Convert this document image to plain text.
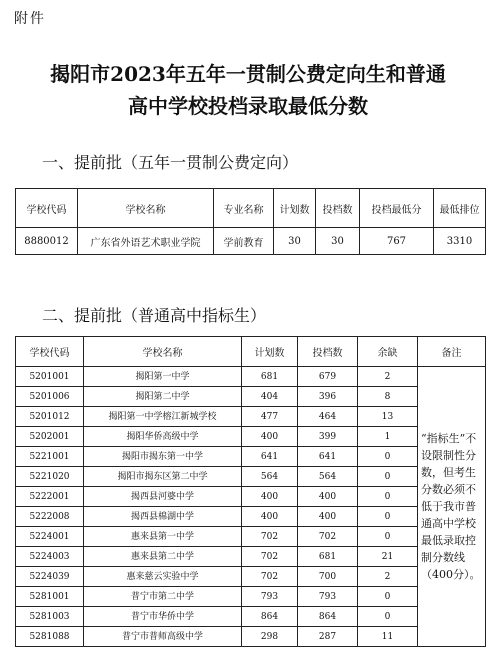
附件
揭阳市2023年五年一贯制公费定向生和普通
高中学校投档录取最低分数
一、提前批（五年一贯制公费定向）
学校代码	学校名称	专业名称	计划数	投档数	投档最低分	最低排位
8880012	广东省外语艺术职业学院	学前教育	30	30	767	3310
二、提前批（普通高中指标生）
学校代码	学校名称	计划数	投档数	余缺	备注
5201001	揭阳第一中学	681	679	2	“指标生”不设限制性分数，但考生分数必须不低于我市普通高中学校最低录取控制分数线（400分）。
5201006	揭阳第二中学	404	396	8	
5201012	揭阳第一中学榕江新城学校	477	464	13	
5202001	揭阳华侨高级中学	400	399	1	
5221001	揭阳市揭东第一中学	641	641	0	
5221020	揭阳市揭东区第二中学	564	564	0	
5222001	揭西县河婆中学	400	400	0	
5222008	揭西县棉湖中学	400	400	0	
5224001	惠来县第一中学	702	702	0	
5224003	惠来县第二中学	702	681	21	
5224039	惠来慈云实验中学	702	700	2	
5281001	普宁市第二中学	793	793	0	
5281003	普宁市华侨中学	864	864	0	
5281088	普宁市普师高级中学	298	287	11	
